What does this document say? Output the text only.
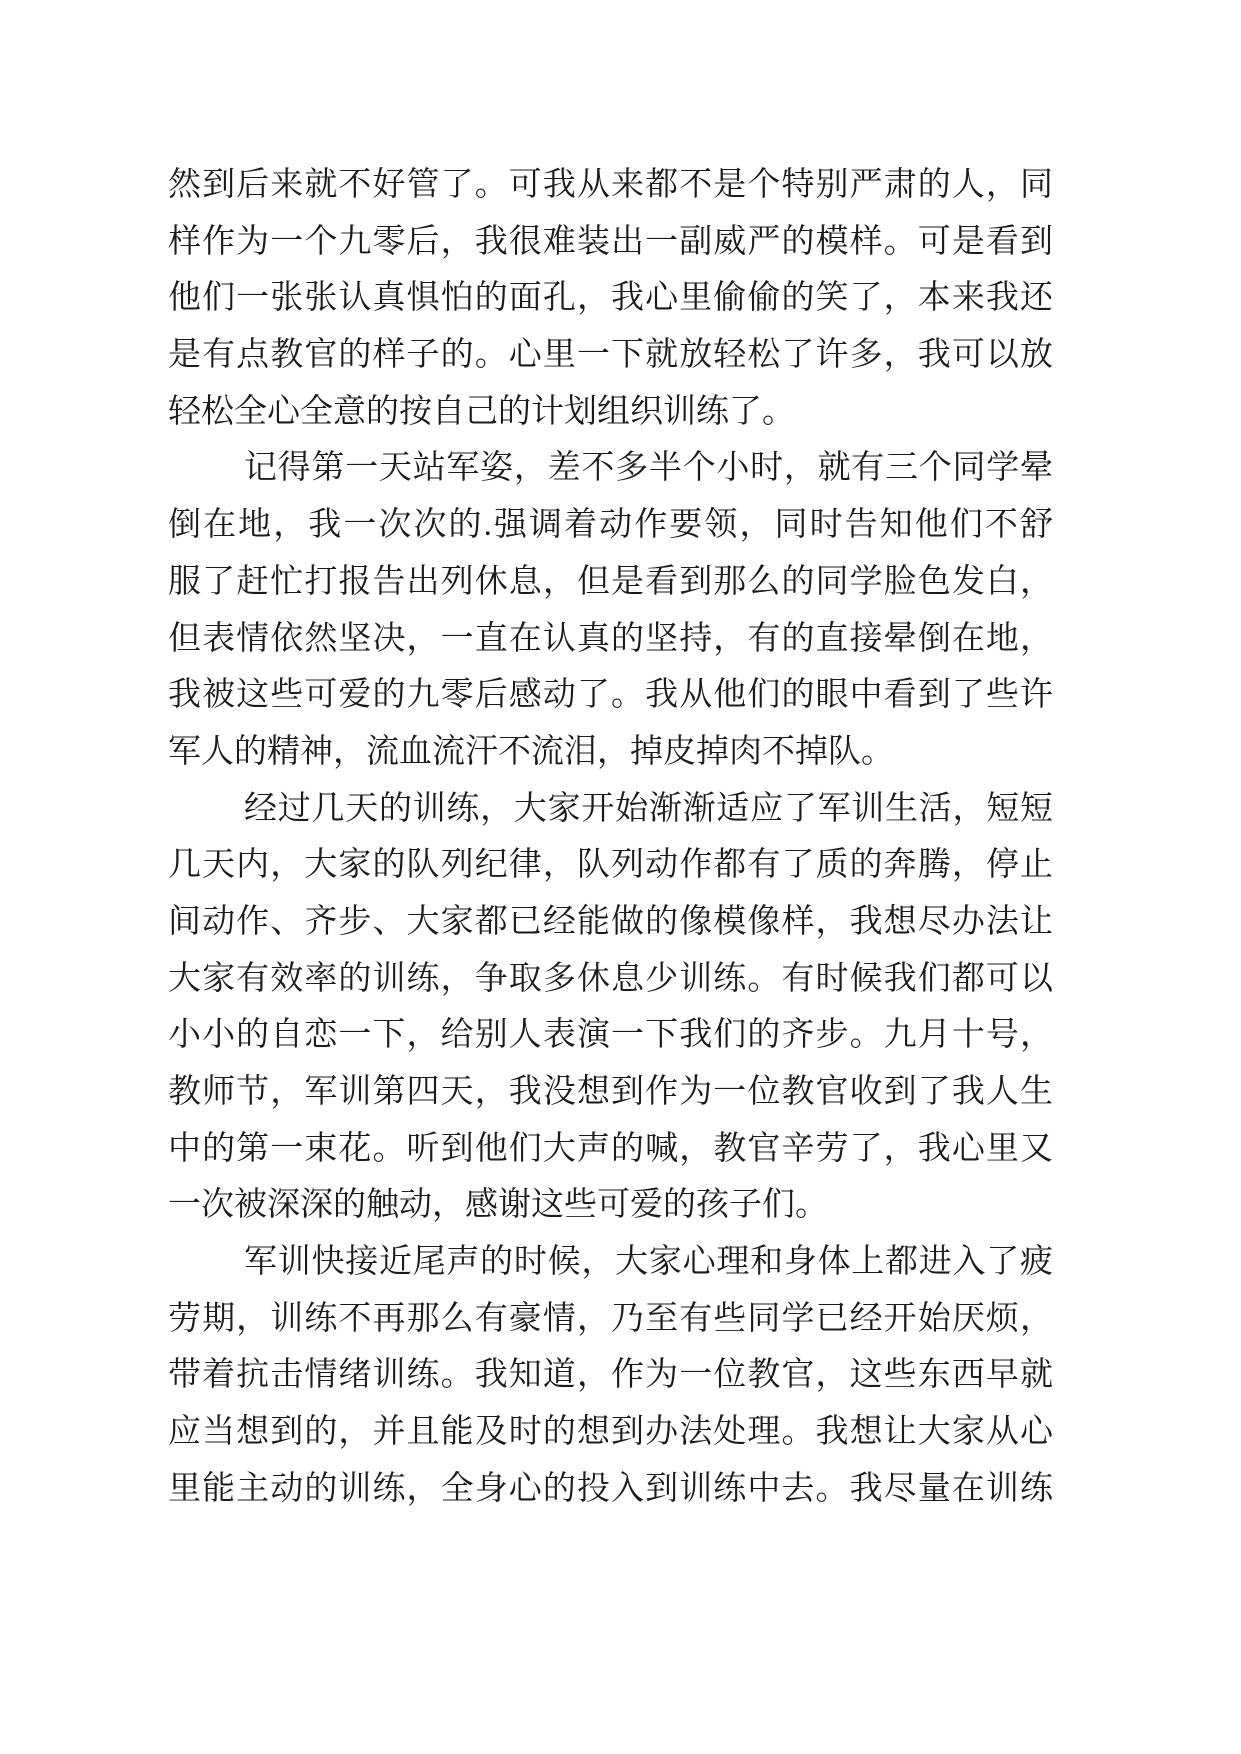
然到后来就不好管了。可我从来都不是个特别严肃的人，同
样作为一个九零后，我很难装出一副威严的模样。可是看到
他们一张张认真惧怕的面孔，我心里偷偷的笑了，本来我还
是有点教官的样子的。心里一下就放轻松了许多，我可以放
轻松全心全意的按自己的计划组织训练了。
记得第一天站军姿，差不多半个小时，就有三个同学晕
倒在地，我一次次的.强调着动作要领，同时告知他们不舒
服了赶忙打报告出列休息，但是看到那么的同学脸色发白，
但表情依然坚决，一直在认真的坚持，有的直接晕倒在地，
我被这些可爱的九零后感动了。我从他们的眼中看到了些许
军人的精神，流血流汗不流泪，掉皮掉肉不掉队。
经过几天的训练，大家开始渐渐适应了军训生活，短短
几天内，大家的队列纪律，队列动作都有了质的奔腾，停止
间动作、齐步、大家都已经能做的像模像样，我想尽办法让
大家有效率的训练，争取多休息少训练。有时候我们都可以
小小的自恋一下，给别人表演一下我们的齐步。九月十号，
教师节，军训第四天，我没想到作为一位教官收到了我人生
中的第一束花。听到他们大声的喊，教官辛劳了，我心里又
一次被深深的触动，感谢这些可爱的孩子们。
军训快接近尾声的时候，大家心理和身体上都进入了疲
劳期，训练不再那么有豪情，乃至有些同学已经开始厌烦，
带着抗击情绪训练。我知道，作为一位教官，这些东西早就
应当想到的，并且能及时的想到办法处理。我想让大家从心
里能主动的训练，全身心的投入到训练中去。我尽量在训练
